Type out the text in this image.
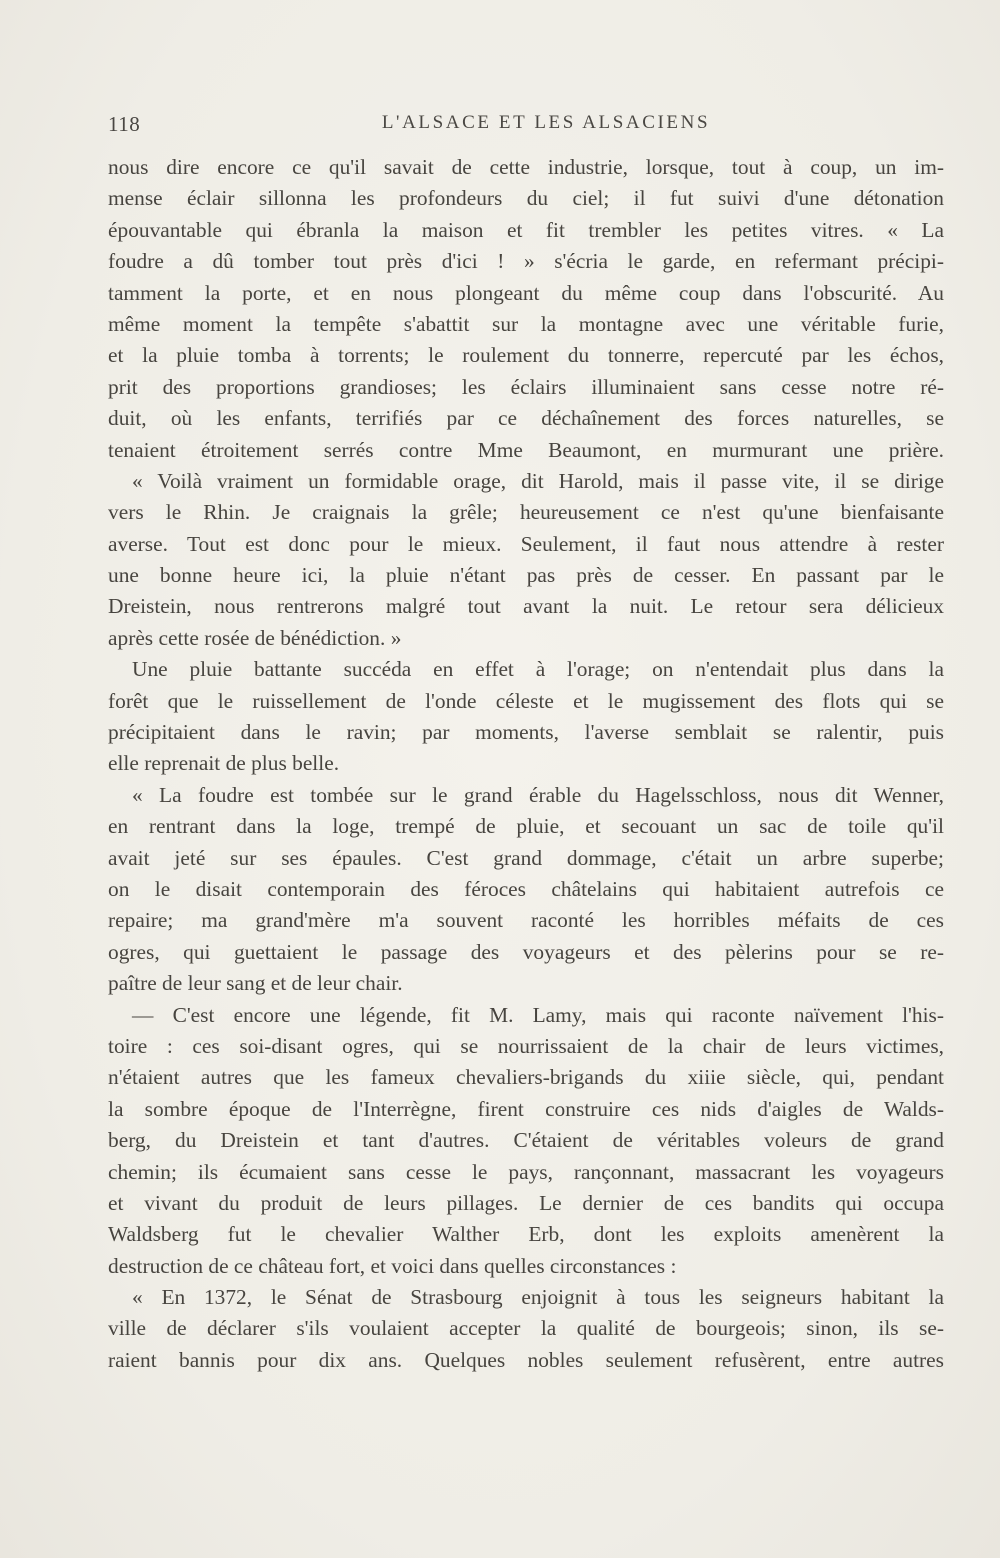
118	L'ALSACE ET LES ALSACIENS
nous dire encore ce qu'il savait de cette industrie, lorsque, tout à coup, un im-
mense éclair sillonna les profondeurs du ciel; il fut suivi d'une détonation
épouvantable qui ébranla la maison et fit trembler les petites vitres. « La
foudre a dû tomber tout près d'ici ! » s'écria le garde, en refermant précipi-
tamment la porte, et en nous plongeant du même coup dans l'obscurité. Au
même moment la tempête s'abattit sur la montagne avec une véritable furie,
et la pluie tomba à torrents; le roulement du tonnerre, repercuté par les échos,
prit des proportions grandioses; les éclairs illuminaient sans cesse notre ré-
duit, où les enfants, terrifiés par ce déchaînement des forces naturelles, se
tenaient étroitement serrés contre Mme Beaumont, en murmurant une prière.
« Voilà vraiment un formidable orage, dit Harold, mais il passe vite, il se dirige
vers le Rhin. Je craignais la grêle; heureusement ce n'est qu'une bienfaisante
averse. Tout est donc pour le mieux. Seulement, il faut nous attendre à rester
une bonne heure ici, la pluie n'étant pas près de cesser. En passant par le
Dreistein, nous rentrerons malgré tout avant la nuit. Le retour sera délicieux
après cette rosée de bénédiction. »
Une pluie battante succéda en effet à l'orage; on n'entendait plus dans la
forêt que le ruissellement de l'onde céleste et le mugissement des flots qui se
précipitaient dans le ravin; par moments, l'averse semblait se ralentir, puis
elle reprenait de plus belle.
« La foudre est tombée sur le grand érable du Hagelsschloss, nous dit Wenner,
en rentrant dans la loge, trempé de pluie, et secouant un sac de toile qu'il
avait jeté sur ses épaules. C'est grand dommage, c'était un arbre superbe;
on le disait contemporain des féroces châtelains qui habitaient autrefois ce
repaire; ma grand'mère m'a souvent raconté les horribles méfaits de ces
ogres, qui guettaient le passage des voyageurs et des pèlerins pour se re-
paître de leur sang et de leur chair.
— C'est encore une légende, fit M. Lamy, mais qui raconte naïvement l'his-
toire : ces soi-disant ogres, qui se nourrissaient de la chair de leurs victimes,
n'étaient autres que les fameux chevaliers-brigands du xiiie siècle, qui, pendant
la sombre époque de l'Interrègne, firent construire ces nids d'aigles de Walds-
berg, du Dreistein et tant d'autres. C'étaient de véritables voleurs de grand
chemin; ils écumaient sans cesse le pays, rançonnant, massacrant les voyageurs
et vivant du produit de leurs pillages. Le dernier de ces bandits qui occupa
Waldsberg fut le chevalier Walther Erb, dont les exploits amenèrent la
destruction de ce château fort, et voici dans quelles circonstances :
« En 1372, le Sénat de Strasbourg enjoignit à tous les seigneurs habitant la
ville de déclarer s'ils voulaient accepter la qualité de bourgeois; sinon, ils se-
raient bannis pour dix ans. Quelques nobles seulement refusèrent, entre autres
